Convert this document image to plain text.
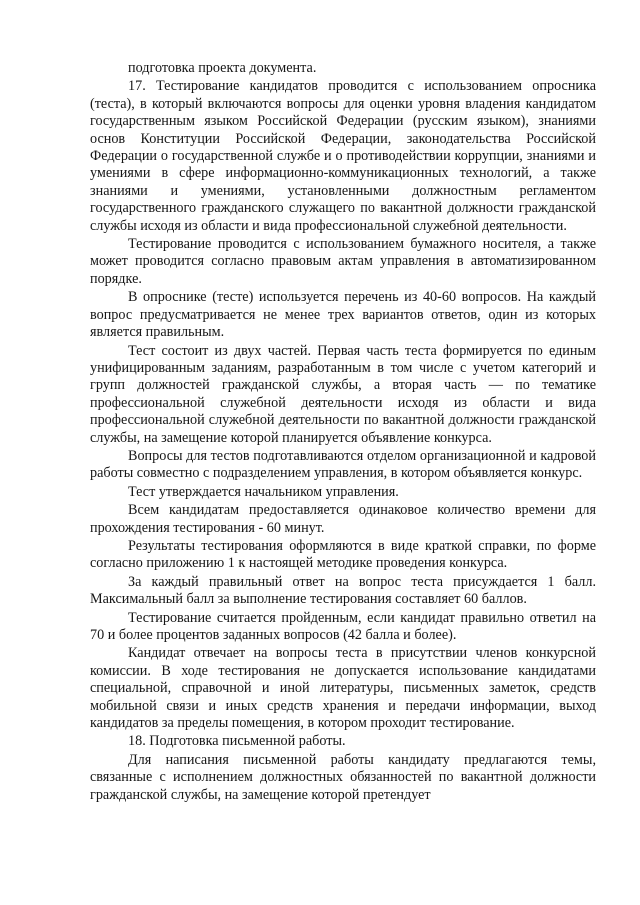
подготовка проекта документа.

17. Тестирование кандидатов проводится с использованием опросника (теста), в который включаются вопросы для оценки уровня владения кандидатом государственным языком Российской Федерации (русским языком), знаниями основ Конституции Российской Федерации, законодательства Российской Федерации о государственной службе и о противодействии коррупции, знаниями и умениями в сфере информационно-коммуникационных технологий, а также знаниями и умениями, установленными должностным регламентом государственного гражданского служащего по вакантной должности гражданской службы исходя из области и вида профессиональной служебной деятельности.

Тестирование проводится с использованием бумажного носителя, а также может проводится согласно правовым актам управления в автоматизированном порядке.

В опроснике (тесте) используется перечень из 40-60 вопросов. На каждый вопрос предусматривается не менее трех вариантов ответов, один из которых является правильным.

Тест состоит из двух частей. Первая часть теста формируется по единым унифицированным заданиям, разработанным в том числе с учетом категорий и групп должностей гражданской службы, а вторая часть — по тематике профессиональной служебной деятельности исходя из области и вида профессиональной служебной деятельности по вакантной должности гражданской службы, на замещение которой планируется объявление конкурса.

Вопросы для тестов подготавливаются отделом организационной и кадровой работы совместно с подразделением управления, в котором объявляется конкурс.

Тест утверждается начальником управления.

Всем кандидатам предоставляется одинаковое количество времени для прохождения тестирования - 60 минут.

Результаты тестирования оформляются в виде краткой справки, по форме согласно приложению 1 к настоящей методике проведения конкурса.

За каждый правильный ответ на вопрос теста присуждается 1 балл. Максимальный балл за выполнение тестирования составляет 60 баллов.

Тестирование считается пройденным, если кандидат правильно ответил на 70 и более процентов заданных вопросов (42 балла и более).

Кандидат отвечает на вопросы теста в присутствии членов конкурсной комиссии. В ходе тестирования не допускается использование кандидатами специальной, справочной и иной литературы, письменных заметок, средств мобильной связи и иных средств хранения и передачи информации, выход кандидатов за пределы помещения, в котором проходит тестирование.

18. Подготовка письменной работы.

Для написания письменной работы кандидату предлагаются темы, связанные с исполнением должностных обязанностей по вакантной должности гражданской службы, на замещение которой претендует
